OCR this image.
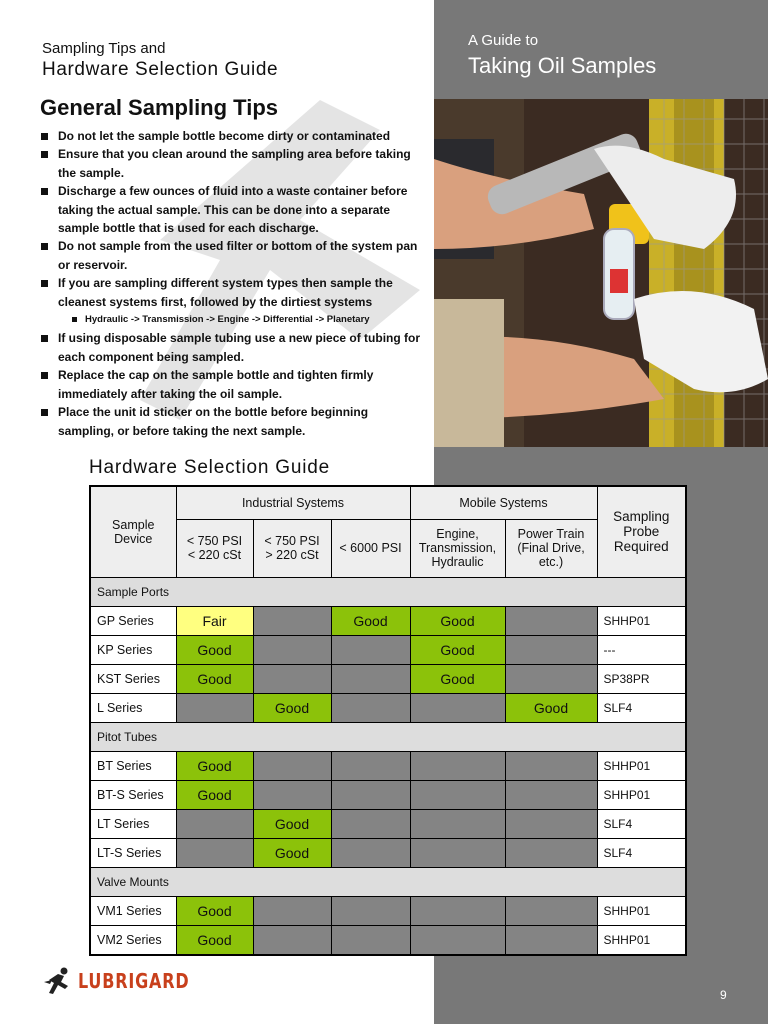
A Guide to
Taking Oil Samples
9
Sampling Tips and
Hardware Selection Guide
General Sampling Tips
Do not let the sample bottle become dirty or contaminated
Ensure that you clean around the sampling area before taking the sample.
Discharge a few ounces of fluid into a waste container before taking the actual sample. This can be done into a separate sample bottle that is used for each discharge.
Do not sample from the used filter or bottom of the system pan or reservoir.
If you are sampling different system types then sample the cleanest systems first, followed by the dirtiest systems
Hydraulic -> Transmission -> Engine -> Differential -> Planetary
If using disposable sample tubing use a new piece of tubing for each component being sampled.
Replace the cap on the sample bottle and tighten firmly immediately after taking the oil sample.
Place the unit id sticker on the bottle before beginning sampling, or before taking the next sample.
Hardware Selection Guide
Sample Device	Industrial Systems			Mobile Systems		Sampling Probe Required
	< 750 PSI < 220 cSt	< 750 PSI > 220 cSt	< 6000 PSI	Engine, Transmission, Hydraulic	Power Train (Final Drive, etc.)	
Sample Ports						
GP Series	Fair		Good	Good		SHHP01
KP Series	Good			Good		---
KST Series	Good			Good		SP38PR
L Series		Good			Good	SLF4
Pitot Tubes						
BT Series	Good					SHHP01
BT-S Series	Good					SHHP01
LT Series		Good				SLF4
LT-S Series		Good				SLF4
Valve Mounts						
VM1 Series	Good					SHHP01
VM2 Series	Good					SHHP01
LUBRIGARD
